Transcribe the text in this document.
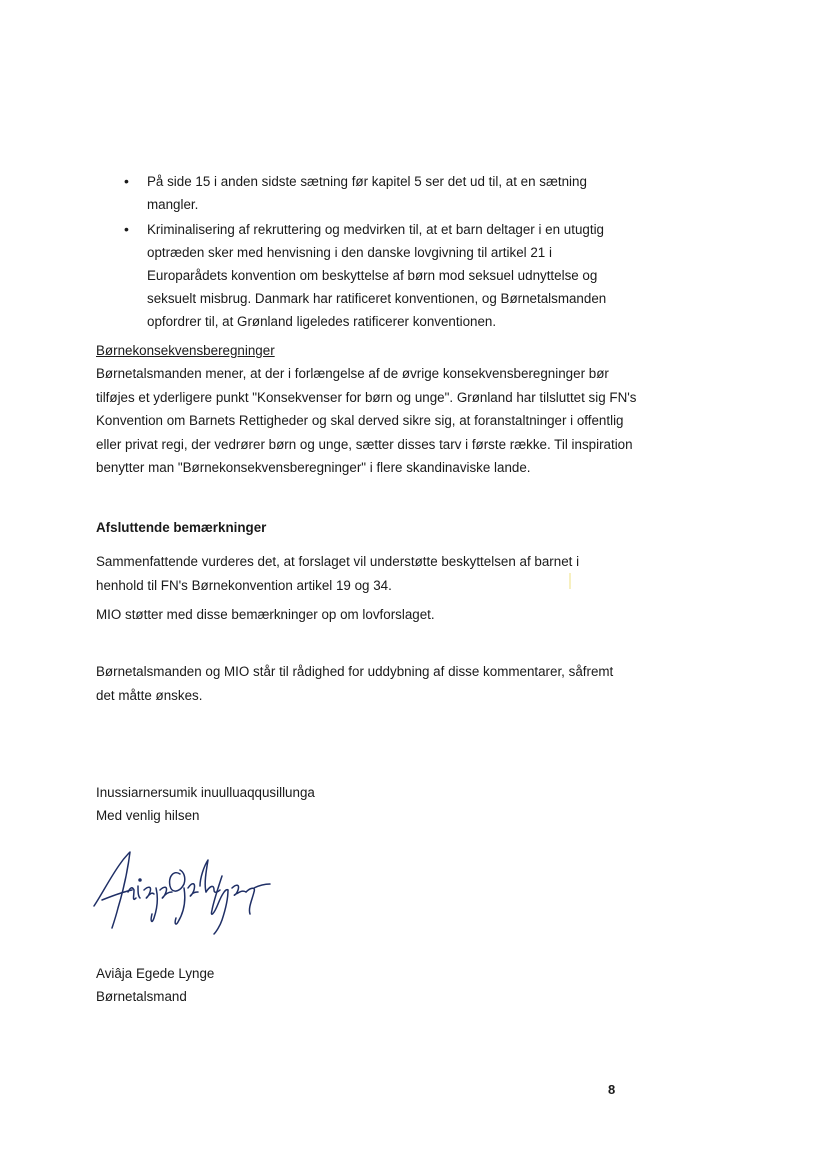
• På side 15 i anden sidste sætning før kapitel 5 ser det ud til, at en sætning mangler.
• Kriminalisering af rekruttering og medvirken til, at et barn deltager i en utugtig optræden sker med henvisning i den danske lovgivning til artikel 21 i Europarådets konvention om beskyttelse af børn mod seksuel udnyttelse og seksuelt misbrug. Danmark har ratificeret konventionen, og Børnetalsmanden opfordrer til, at Grønland ligeledes ratificerer konventionen.
Børnekonsekvensberegninger
Børnetalsmanden mener, at der i forlængelse af de øvrige konsekvensberegninger bør tilføjes et yderligere punkt "Konsekvenser for børn og unge". Grønland har tilsluttet sig FN's Konvention om Barnets Rettigheder og skal derved sikre sig, at foranstaltninger i offentlig eller privat regi, der vedrører børn og unge, sætter disses tarv i første række. Til inspiration benytter man "Børnekonsekvensberegninger" i flere skandinaviske lande.
Afsluttende bemærkninger
Sammenfattende vurderes det, at forslaget vil understøtte beskyttelsen af barnet i henhold til FN's Børnekonvention artikel 19 og 34.
MIO støtter med disse bemærkninger op om lovforslaget.
Børnetalsmanden og MIO står til rådighed for uddybning af disse kommentarer, såfremt det måtte ønskes.
Inussiarnersumik inuulluaqqusillunga
Med venlig hilsen
Aviâja Egede Lynge
Børnetalsmand
8
